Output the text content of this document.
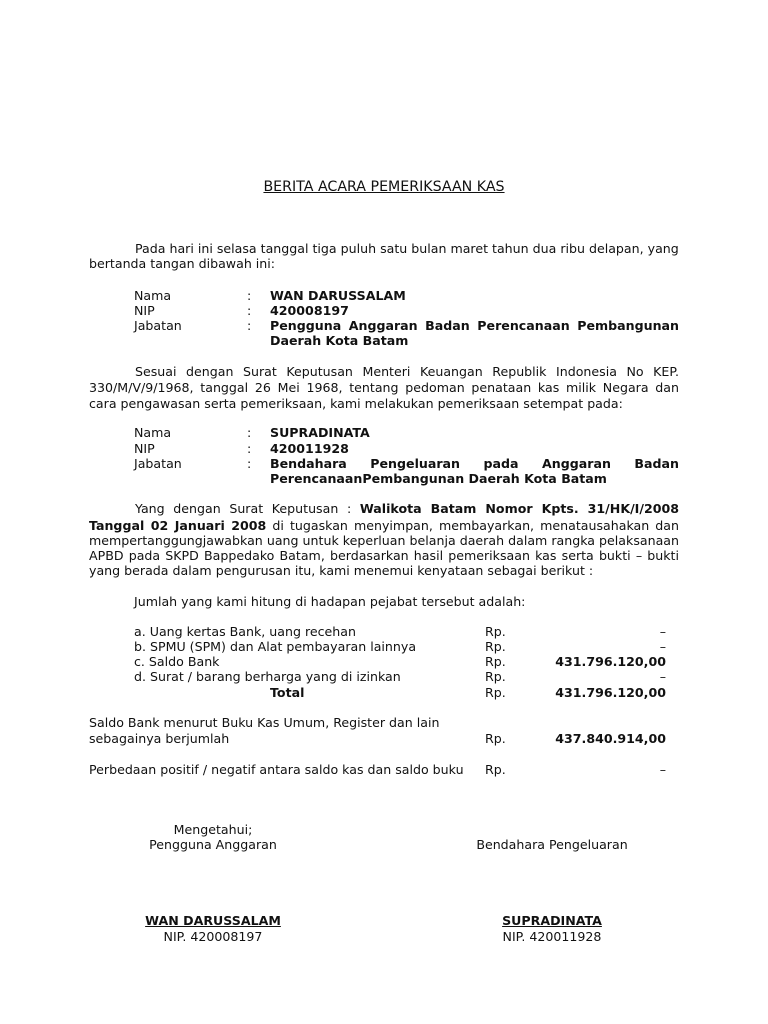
BERITA ACARA PEMERIKSAAN KAS

Pada hari ini selasa tanggal tiga puluh satu bulan maret tahun dua ribu delapan, yang

bertanda tangan dibawah ini:

Nama	: WAN DARUSSALAM

NIP	: 420008197

Jabatan	: Pengguna Anggaran Badan Perencanaan Pembangunan

Daerah Kota Batam

Sesuai dengan Surat Keputusan Menteri Keuangan Republik Indonesia No KEP.

330/M/V/9/1968, tanggal 26 Mei 1968, tentang pedoman penataan kas milik Negara dan

cara pengawasan serta pemeriksaan, kami melakukan pemeriksaan setempat pada:

Nama	: SUPRADINATA

NIP	: 420011928

Jabatan	: Bendahara Pengeluaran pada Anggaran Badan

PerencanaanPembangunan Daerah Kota Batam

Yang dengan Surat Keputusan : Walikota Batam Nomor Kpts. 31/HK/I/2008

Tanggal 02 Januari 2008 di tugaskan menyimpan, membayarkan, menatausahakan dan

mempertanggungjawabkan uang untuk keperluan belanja daerah dalam rangka pelaksanaan

APBD pada SKPD Bappedako Batam, berdasarkan hasil pemeriksaan kas serta bukti – bukti

yang berada dalam pengurusan itu, kami menemui kenyataan sebagai berikut :

Jumlah yang kami hitung di hadapan pejabat tersebut adalah:

a. Uang kertas Bank, uang recehan	Rp.	–

b. SPMU (SPM) dan Alat pembayaran lainnya	Rp.	–

c. Saldo Bank	Rp.	431.796.120,00

d. Surat / barang berharga yang di izinkan	Rp.	–

Total	Rp.	431.796.120,00

Saldo Bank menurut Buku Kas Umum, Register dan lain

sebagainya berjumlah	Rp.	437.840.914,00

Perbedaan positif / negatif antara saldo kas dan saldo buku Rp.	–

Mengetahui;

Pengguna Anggaran	Bendahara Pengeluaran

WAN DARUSSALAM

NIP. 420008197

SUPRADINATA

NIP. 420011928
